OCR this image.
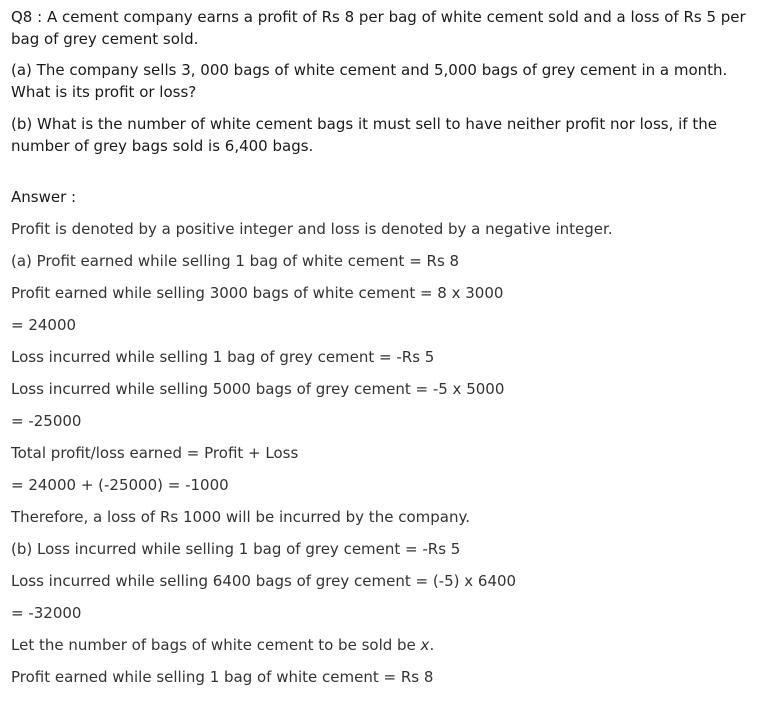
Q8 : A cement company earns a profit of Rs 8 per bag of white cement sold and a loss of Rs 5 per bag of grey cement sold.

(a) The company sells 3, 000 bags of white cement and 5,000 bags of grey cement in a month. What is its profit or loss?

(b) What is the number of white cement bags it must sell to have neither profit nor loss, if the number of grey bags sold is 6,400 bags.

Answer :

Profit is denoted by a positive integer and loss is denoted by a negative integer.
(a) Profit earned while selling 1 bag of white cement = Rs 8
Profit earned while selling 3000 bags of white cement = 8 x 3000
= 24000
Loss incurred while selling 1 bag of grey cement = -Rs 5
Loss incurred while selling 5000 bags of grey cement = -5 x 5000
= -25000
Total profit/loss earned = Profit + Loss
= 24000 + (-25000) = -1000
Therefore, a loss of Rs 1000 will be incurred by the company.
(b) Loss incurred while selling 1 bag of grey cement = -Rs 5
Loss incurred while selling 6400 bags of grey cement = (-5) x 6400
= -32000
Let the number of bags of white cement to be sold be x.
Profit earned while selling 1 bag of white cement = Rs 8
